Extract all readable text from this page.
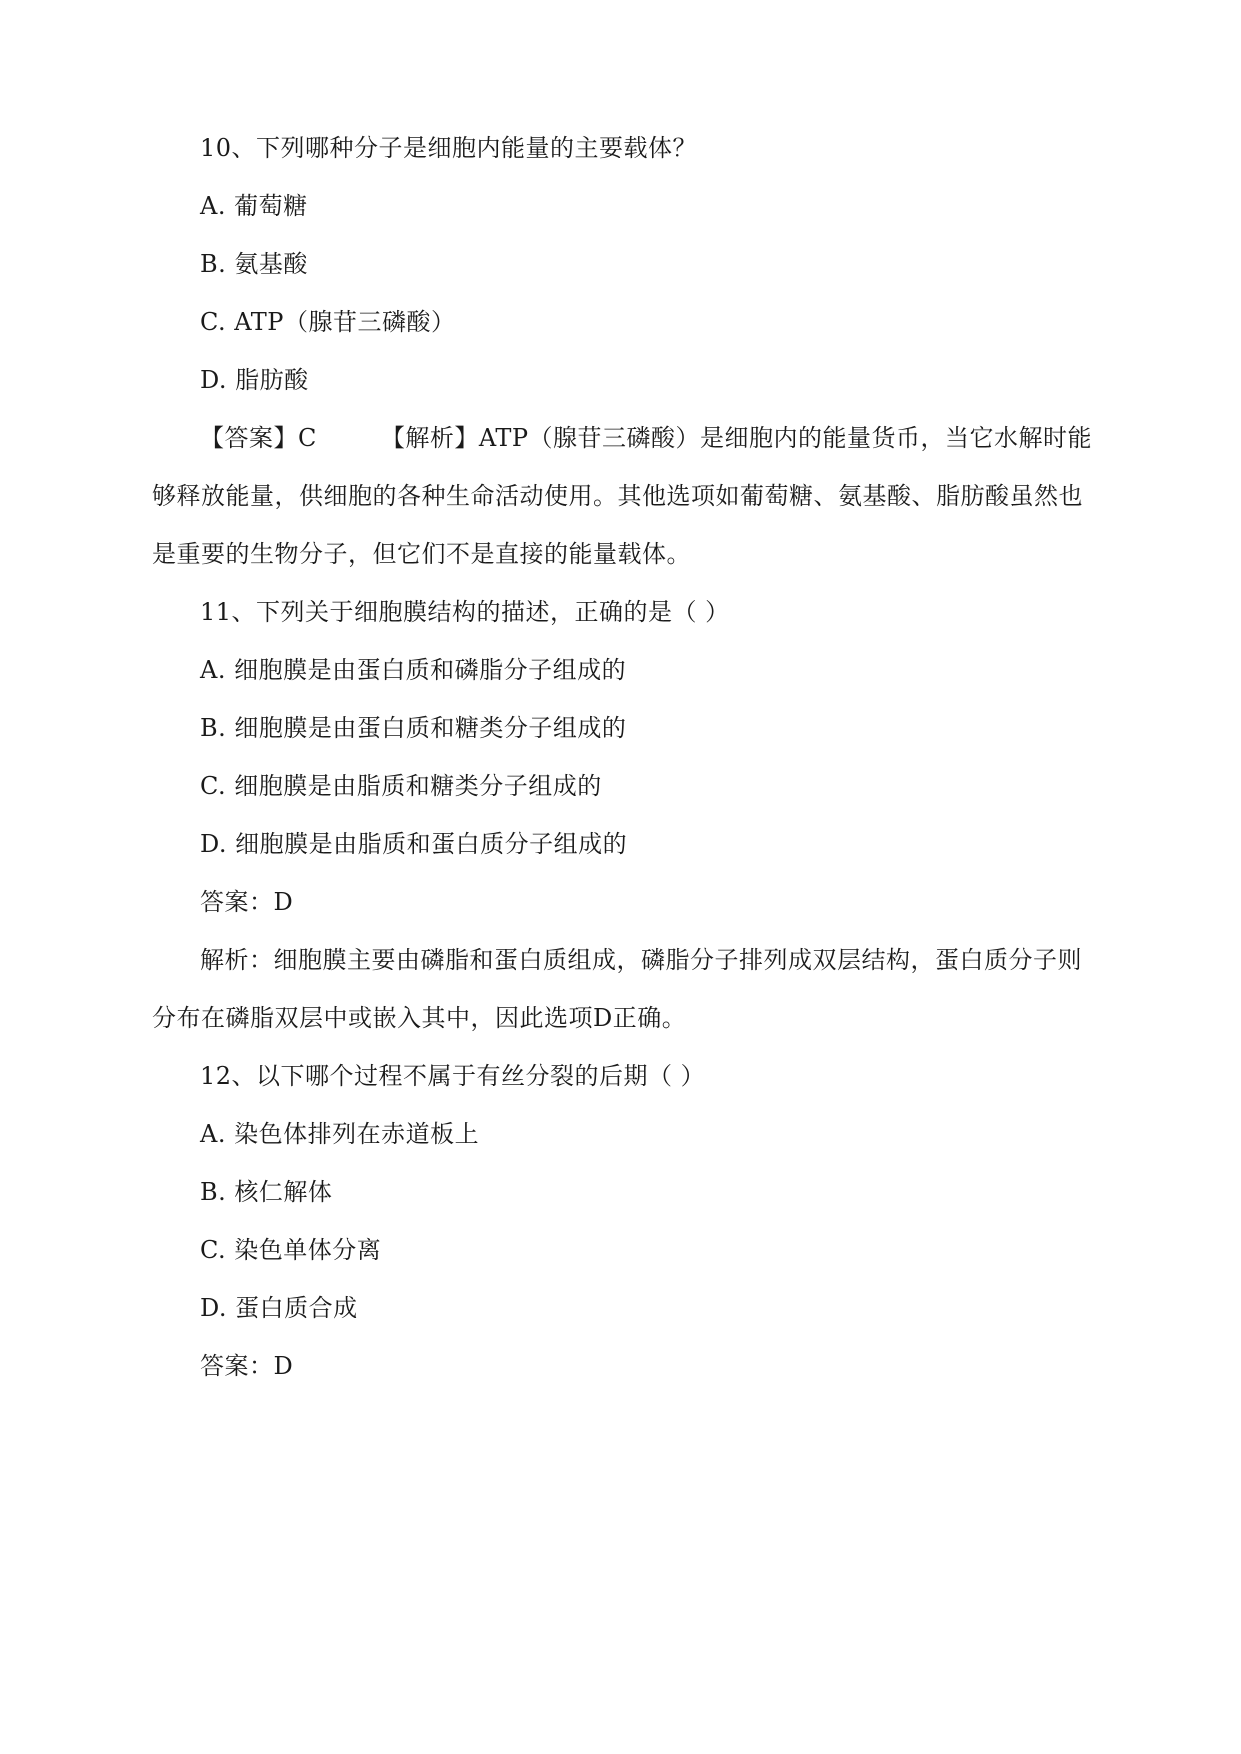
10、下列哪种分子是细胞内能量的主要载体？
A. 葡萄糖
B. 氨基酸
C. ATP（腺苷三磷酸）
D. 脂肪酸
【答案】C	【解析】ATP（腺苷三磷酸）是细胞内的能量货币，当它水解时能
够释放能量，供细胞的各种生命活动使用。其他选项如葡萄糖、氨基酸、脂肪酸虽然也
是重要的生物分子，但它们不是直接的能量载体。
11、下列关于细胞膜结构的描述，正确的是（ ）
A. 细胞膜是由蛋白质和磷脂分子组成的
B. 细胞膜是由蛋白质和糖类分子组成的
C. 细胞膜是由脂质和糖类分子组成的
D. 细胞膜是由脂质和蛋白质分子组成的
答案：D
解析：细胞膜主要由磷脂和蛋白质组成，磷脂分子排列成双层结构，蛋白质分子则
分布在磷脂双层中或嵌入其中，因此选项D正确。
12、以下哪个过程不属于有丝分裂的后期（ ）
A. 染色体排列在赤道板上
B. 核仁解体
C. 染色单体分离
D. 蛋白质合成
答案：D
